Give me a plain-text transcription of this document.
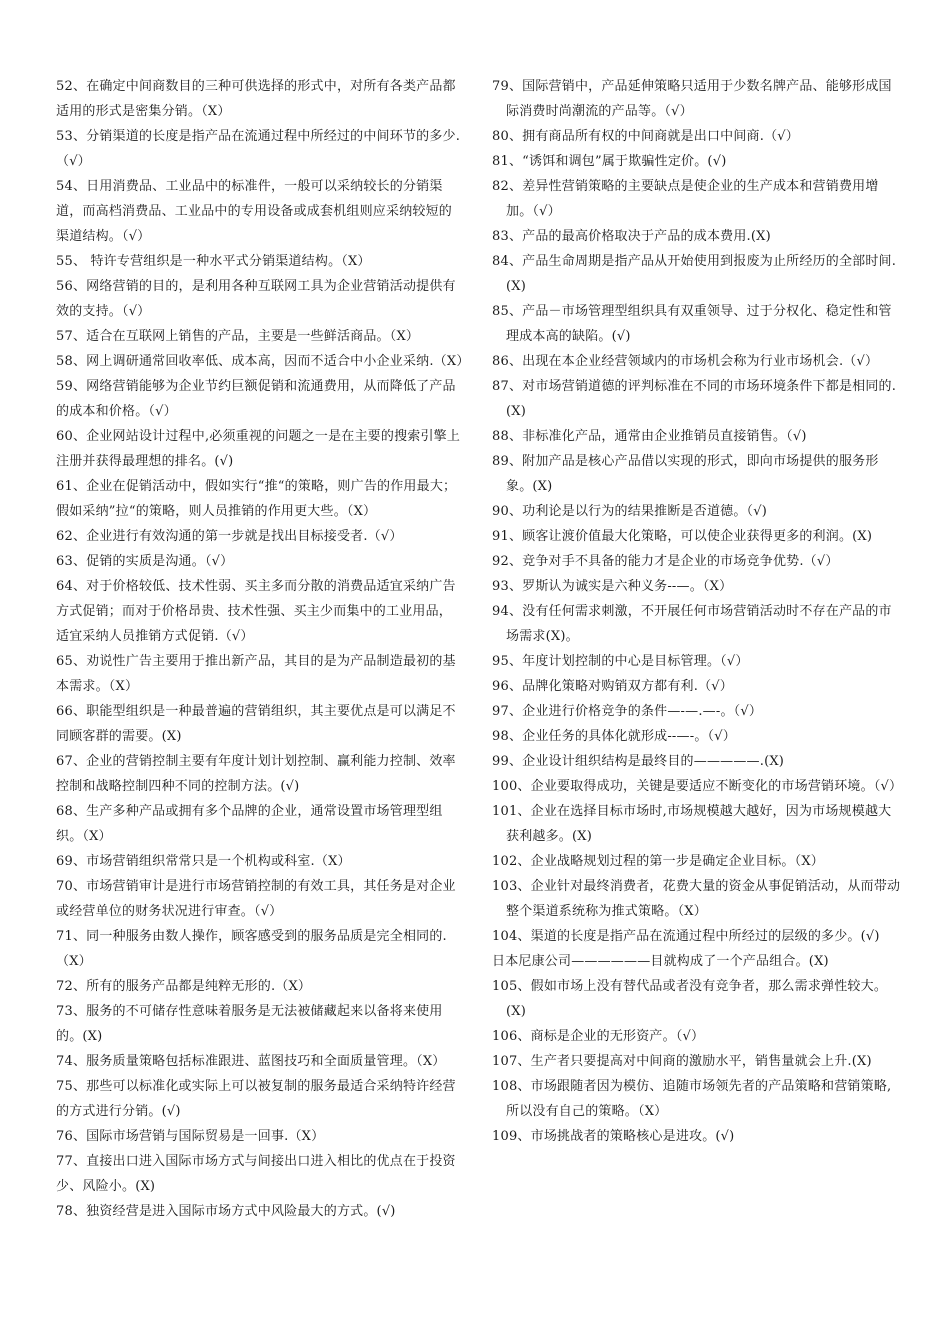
52、在确定中间商数目的三种可供选择的形式中，对所有各类产品都适用的形式是密集分销。（X）

53、分销渠道的长度是指产品在流通过程中所经过的中间环节的多少.（√）

54、日用消费品、工业品中的标准件，一般可以采纳较长的分销渠道，而高档消费品、工业品中的专用设备或成套机组则应采纳较短的渠道结构。（√）

55、 特许专营组织是一种水平式分销渠道结构。（X）

56、网络营销的目的，是利用各种互联网工具为企业营销活动提供有效的支持。（√）

57、适合在互联网上销售的产品，主要是一些鲜活商品。（X）

58、网上调研通常回收率低、成本高，因而不适合中小企业采纳.（X）

59、网络营销能够为企业节约巨额促销和流通费用，从而降低了产品的成本和价格。（√）

60、企业网站设计过程中,必须重视的问题之一是在主要的搜索引擎上注册并获得最理想的排名。(√)

61、企业在促销活动中，假如实行“推“的策略，则广告的作用最大；假如采纳”拉“的策略，则人员推销的作用更大些。（X）

62、企业进行有效沟通的第一步就是找出目标接受者.（√）

63、促销的实质是沟通。（√）

64、对于价格较低、技术性弱、买主多而分散的消费品适宜采纳广告方式促销；而对于价格昂贵、技术性强、买主少而集中的工业用品，适宜采纳人员推销方式促销.（√）

65、劝说性广告主要用于推出新产品，其目的是为产品制造最初的基本需求。（X）

66、职能型组织是一种最普遍的营销组织，其主要优点是可以满足不同顾客群的需要。(X)

67、企业的营销控制主要有年度计划计划控制、赢利能力控制、效率控制和战略控制四种不同的控制方法。(√)

68、生产多种产品或拥有多个品牌的企业，通常设置市场管理型组织。（X）

69、市场营销组织常常只是一个机构或科室.（X）

70、市场营销审计是进行市场营销控制的有效工具，其任务是对企业或经营单位的财务状况进行审查。（√）

71、同一种服务由数人操作，顾客感受到的服务品质是完全相同的.（X）

72、所有的服务产品都是纯粹无形的.（X）

73、服务的不可储存性意味着服务是无法被储藏起来以备将来使用的。(X)

74、服务质量策略包括标准跟进、蓝图技巧和全面质量管理。（X）

75、那些可以标准化或实际上可以被复制的服务最适合采纳特许经营的方式进行分销。(√)

76、国际市场营销与国际贸易是一回事.（X）

77、直接出口进入国际市场方式与间接出口进入相比的优点在于投资少、风险小。(X)

78、独资经营是进入国际市场方式中风险最大的方式。(√)

79、国际营销中，产品延伸策略只适用于少数名牌产品、能够形成国际消费时尚潮流的产品等。（√）

80、拥有商品所有权的中间商就是出口中间商.（√）

81、“诱饵和调包”属于欺骗性定价。(√)

82、差异性营销策略的主要缺点是使企业的生产成本和营销费用增加。（√）

83、产品的最高价格取决于产品的成本费用.(X)

84、产品生命周期是指产品从开始使用到报废为止所经历的全部时间.(X)

85、产品－市场管理型组织具有双重领导、过于分权化、稳定性和管理成本高的缺陷。(√)

86、出现在本企业经营领域内的市场机会称为行业市场机会.（√）

87、对市场营销道德的评判标准在不同的市场环境条件下都是相同的.(X)

88、非标准化产品，通常由企业推销员直接销售。（√)

89、附加产品是核心产品借以实现的形式，即向市场提供的服务形象。(X)

90、功利论是以行为的结果推断是否道德。（√)

91、顾客让渡价值最大化策略，可以使企业获得更多的利润。(X)

92、竞争对手不具备的能力才是企业的市场竞争优势.（√）

93、罗斯认为诚实是六种义务--—。（X）

94、没有任何需求刺激，不开展任何市场营销活动时不存在产品的市场需求(X)。

95、年度计划控制的中心是目标管理。（√）

96、品牌化策略对购销双方都有利.（√）

97、企业进行价格竞争的条件—-—.—-。（√）

98、企业任务的具体化就形成--—-。（√）

99、企业设计组织结构是最终目的—————.(X)

100、企业要取得成功，关键是要适应不断变化的市场营销环境。（√）

101、企业在选择目标市场时,市场规模越大越好，因为市场规模越大获利越多。(X)

102、企业战略规划过程的第一步是确定企业目标。（X）

103、企业针对最终消费者，花费大量的资金从事促销活动，从而带动整个渠道系统称为推式策略。（X）

104、渠道的长度是指产品在流通过程中所经过的层级的多少。(√)

日本尼康公司——————目就构成了一个产品组合。(X)

105、假如市场上没有替代品或者没有竞争者，那么需求弹性较大。(X)

106、商标是企业的无形资产。（√）

107、生产者只要提高对中间商的激励水平，销售量就会上升.(X)

108、市场跟随者因为模仿、追随市场领先者的产品策略和营销策略,所以没有自己的策略。（X）

109、市场挑战者的策略核心是进攻。(√)
